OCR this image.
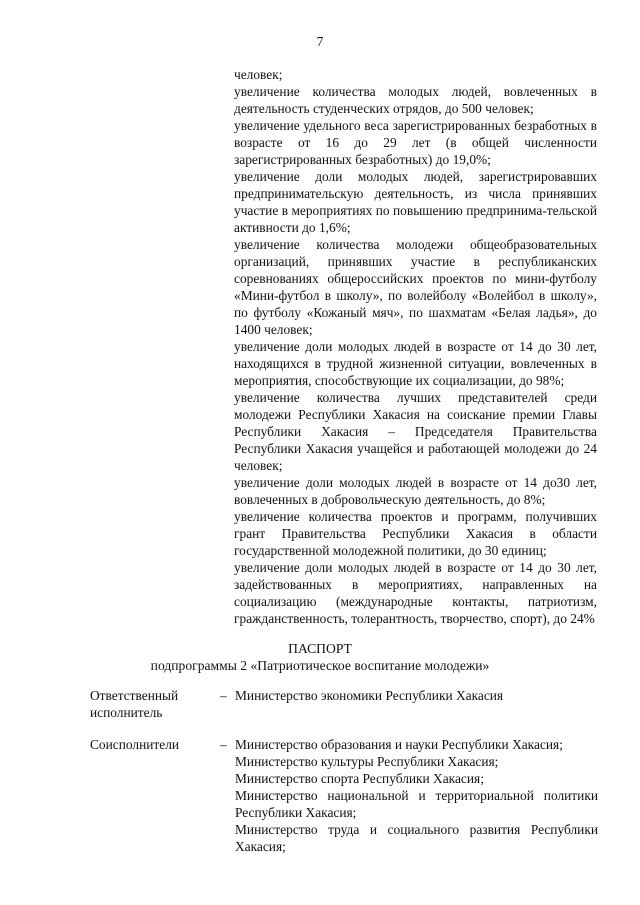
7
человек;
увеличение количества молодых людей, вовлеченных в деятельность студенческих отрядов, до 500 человек;
увеличение удельного веса зарегистрированных безработных в возрасте от 16 до 29 лет (в общей численности зарегистрированных безработных) до 19,0%;
увеличение доли молодых людей, зарегистрировавших предпринимательскую деятельность, из числа принявших участие в мероприятиях по повышению предпринима-тельской активности до 1,6%;
увеличение количества молодежи общеобразовательных организаций, принявших участие в республиканских соревнованиях общероссийских проектов по мини-футболу «Мини-футбол в школу», по волейболу «Волейбол в школу», по футболу «Кожаный мяч», по шахматам «Белая ладья», до 1400 человек;
увеличение доли молодых людей в возрасте от 14 до 30 лет, находящихся в трудной жизненной ситуации, вовлеченных в мероприятия, способствующие их социализации, до 98%;
увеличение количества лучших представителей среди молодежи Республики Хакасия на соискание премии Главы Республики Хакасия – Председателя Правительства Республики Хакасия учащейся и работающей молодежи до 24 человек;
увеличение доли молодых людей в возрасте от 14 до30 лет, вовлеченных в добровольческую деятельность, до 8%;
увеличение количества проектов и программ, получивших грант Правительства Республики Хакасия в области государственной молодежной политики, до 30 единиц;
увеличение доли молодых людей в возрасте от 14 до 30 лет, задействованных в мероприятиях, направленных на социализацию (международные контакты, патриотизм, гражданственность, толерантность, творчество, спорт), до 24%
ПАСПОРТ
подпрограммы 2 «Патриотическое воспитание молодежи»
Ответственный исполнитель
– Министерство экономики Республики Хакасия
Соисполнители	– Министерство образования и науки Республики Хакасия;
Министерство культуры Республики Хакасия;
Министерство спорта Республики Хакасия;
Министерство национальной и территориальной политики Республики Хакасия;
Министерство труда и социального развития Республики Хакасия;
